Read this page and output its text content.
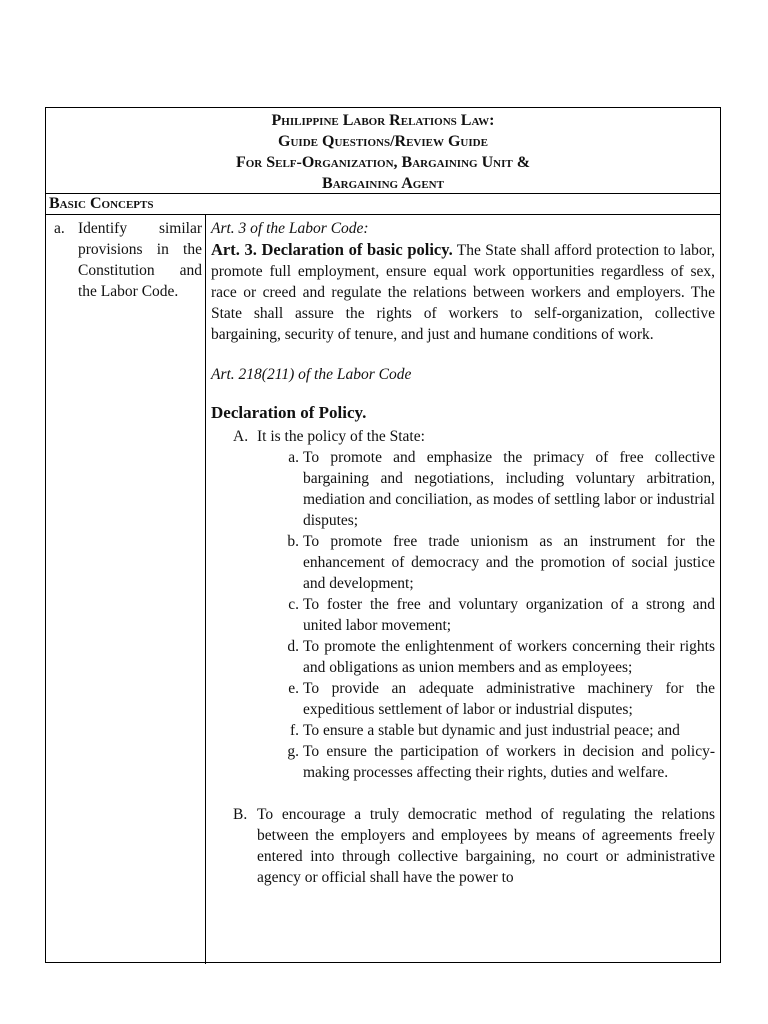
Philippine Labor Relations Law:
Guide Questions/Review Guide
For Self-Organization, Bargaining Unit &
Bargaining Agent
Basic Concepts
a. Identify similar provisions in the Constitution and the Labor Code.
Art. 3 of the Labor Code:

Art. 3. Declaration of basic policy. The State shall afford protection to labor, promote full employment, ensure equal work opportunities regardless of sex, race or creed and regulate the relations between workers and employers. The State shall assure the rights of workers to self-organization, collective bargaining, security of tenure, and just and humane conditions of work.

Art. 218(211) of the Labor Code
Declaration of Policy.
A. It is the policy of the State:
a. To promote and emphasize the primacy of free collective bargaining and negotiations, including voluntary arbitration, mediation and conciliation, as modes of settling labor or industrial disputes;
b. To promote free trade unionism as an instrument for the enhancement of democracy and the promotion of social justice and development;
c. To foster the free and voluntary organization of a strong and united labor movement;
d. To promote the enlightenment of workers concerning their rights and obligations as union members and as employees;
e. To provide an adequate administrative machinery for the expeditious settlement of labor or industrial disputes;
f. To ensure a stable but dynamic and just industrial peace; and
g. To ensure the participation of workers in decision and policy-making processes affecting their rights, duties and welfare.
B. To encourage a truly democratic method of regulating the relations between the employers and employees by means of agreements freely entered into through collective bargaining, no court or administrative agency or official shall have the power to
